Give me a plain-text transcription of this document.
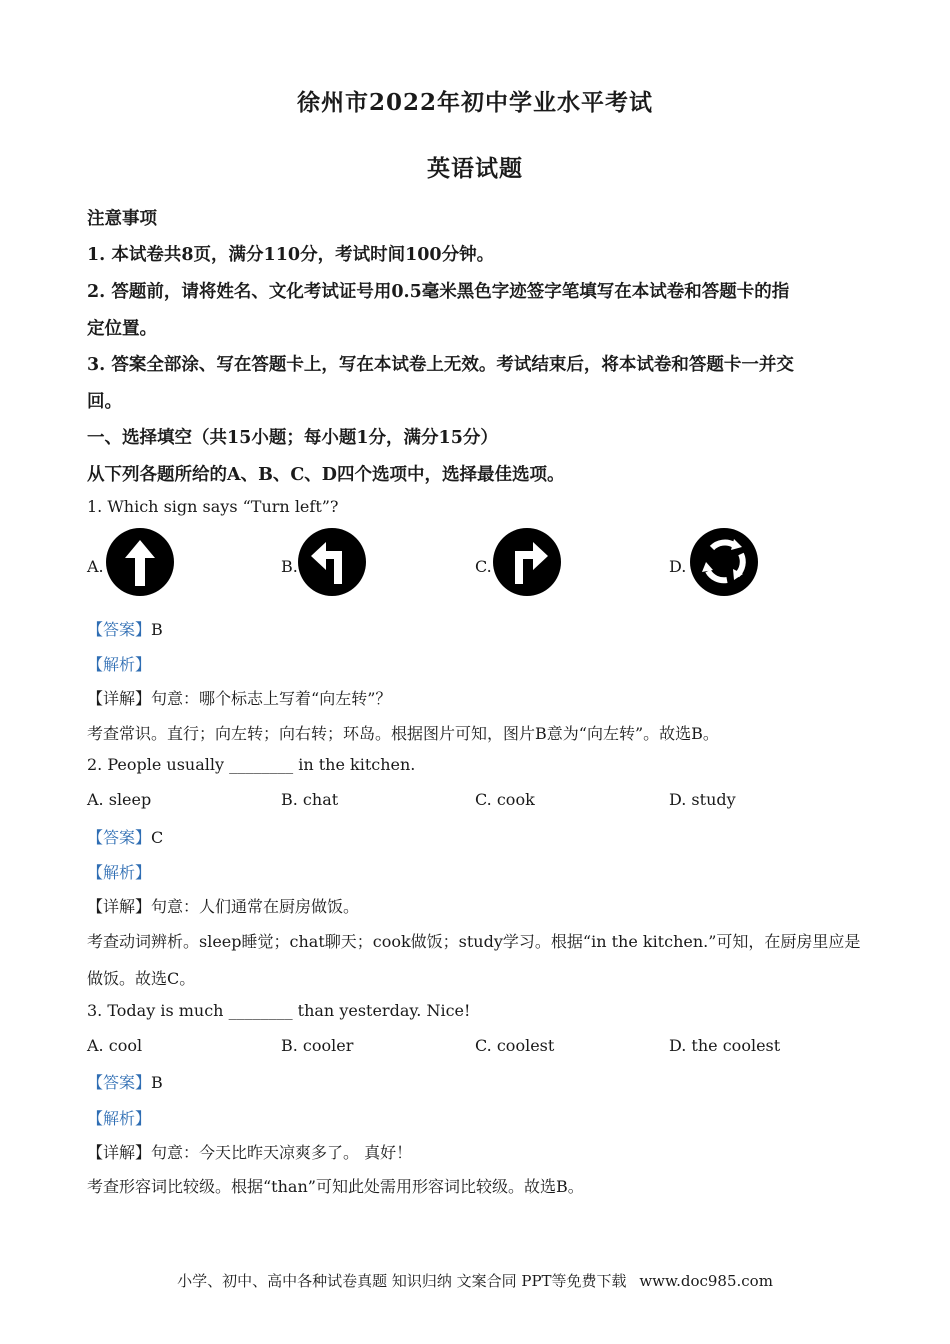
徐州市2022年初中学业水平考试
英语试题
注意事项
1. 本试卷共8页，满分110分，考试时间100分钟。
2. 答题前，请将姓名、文化考试证号用0.5毫米黑色字迹签字笔填写在本试卷和答题卡的指
定位置。
3. 答案全部涂、写在答题卡上，写在本试卷上无效。考试结束后，将本试卷和答题卡一并交
回。
一、选择填空（共15小题；每小题1分，满分15分）
从下列各题所给的A、B、C、D四个选项中，选择最佳选项。
1. Which sign says “Turn left”?
A.	B.	C.	D.
【答案】B
【解析】
【详解】句意：哪个标志上写着“向左转”？
考查常识。直行；向左转；向右转；环岛。根据图片可知，图片B意为“向左转”。故选B。
2. People usually ________ in the kitchen.
A. sleep	B. chat	C. cook	D. study
【答案】C
【解析】
【详解】句意：人们通常在厨房做饭。
考查动词辨析。sleep睡觉；chat聊天；cook做饭；study学习。根据“in the kitchen.”可知，在厨房里应是
做饭。故选C。
3. Today is much ________ than yesterday. Nice!
A. cool	B. cooler	C. coolest	D. the coolest
【答案】B
【解析】
【详解】句意：今天比昨天凉爽多了。 真好！
考查形容词比较级。根据“than”可知此处需用形容词比较级。故选B。
小学、初中、高中各种试卷真题 知识归纳 文案合同 PPT等免费下载 www.doc985.com
